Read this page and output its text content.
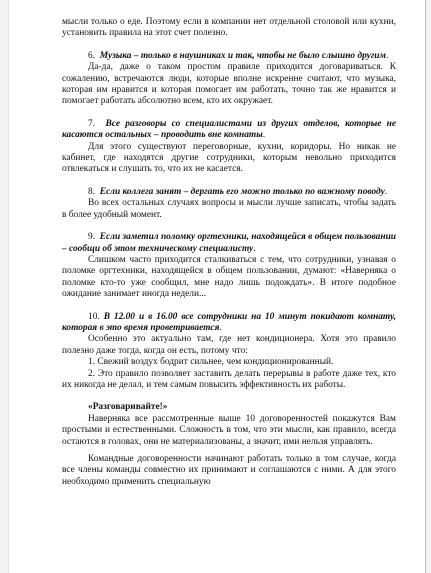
мысли только о еде. Поэтому если в компании нет отдельной столовой или кухни, установить правила на этот счет полезно.

6. Музыка – только в наушниках и так, чтобы не было слышно другим.

Да-да, даже о таком простом правиле приходится договариваться. К сожалению, встречаются люди, которые вполне искренне считают, что музыка, которая им нравится и которая помогает им работать, точно так же нравится и помогает работать абсолютно всем, кто их окружает.

7. Все разговоры со специалистами из других отделов, которые не касаются остальных – проводить вне комнаты.

Для этого существуют переговорные, кухни, коридоры. Но никак не кабинет, где находятся другие сотрудники, которым невольно приходится отвлекаться и слушать то, что их не касается.

8. Если коллега занят – дергать его можно только по важному поводу.

Во всех остальных случаях вопросы и мысли лучше записать, чтобы задать в более удобный момент.

9. Если заметил поломку оргтехники, находящейся в общем пользовании – сообщи об этом техническому специалисту.

Слишком часто приходится сталкиваться с тем, что сотрудники, узнавая о поломке оргтехники, находящейся в общем пользовании, думают: «Наверняка о поломке кто-то уже сообщил, мне надо лишь подождать». В итоге подобное ожидание занимает иногда недели...

10. В 12.00 и в 16.00 все сотрудники на 10 минут покидают комнату, которая в это время проветривается.

Особенно это актуально там, где нет кондиционера. Хотя это правило полезно даже тогда, когда он есть, потому что:

1. Свежий воздух бодрит сильнее, чем кондиционированный.

2. Это правило позволяет заставить делать перерывы в работе даже тех, кто их никогда не делал, и тем самым повысить эффективность их работы.

«Разговаривайте!»

Наверняка все рассмотренные выше 10 договоренностей покажутся Вам простыми и естественными. Сложность в том, что эти мысли, как правило, всегда остаются в головах, они не материализованы, а значит, ими нельзя управлять.

Командные договоренности начинают работать только в том случае, когда все члены команды совместно их принимают и соглашаются с ними. А для этого необходимо применить специальную
